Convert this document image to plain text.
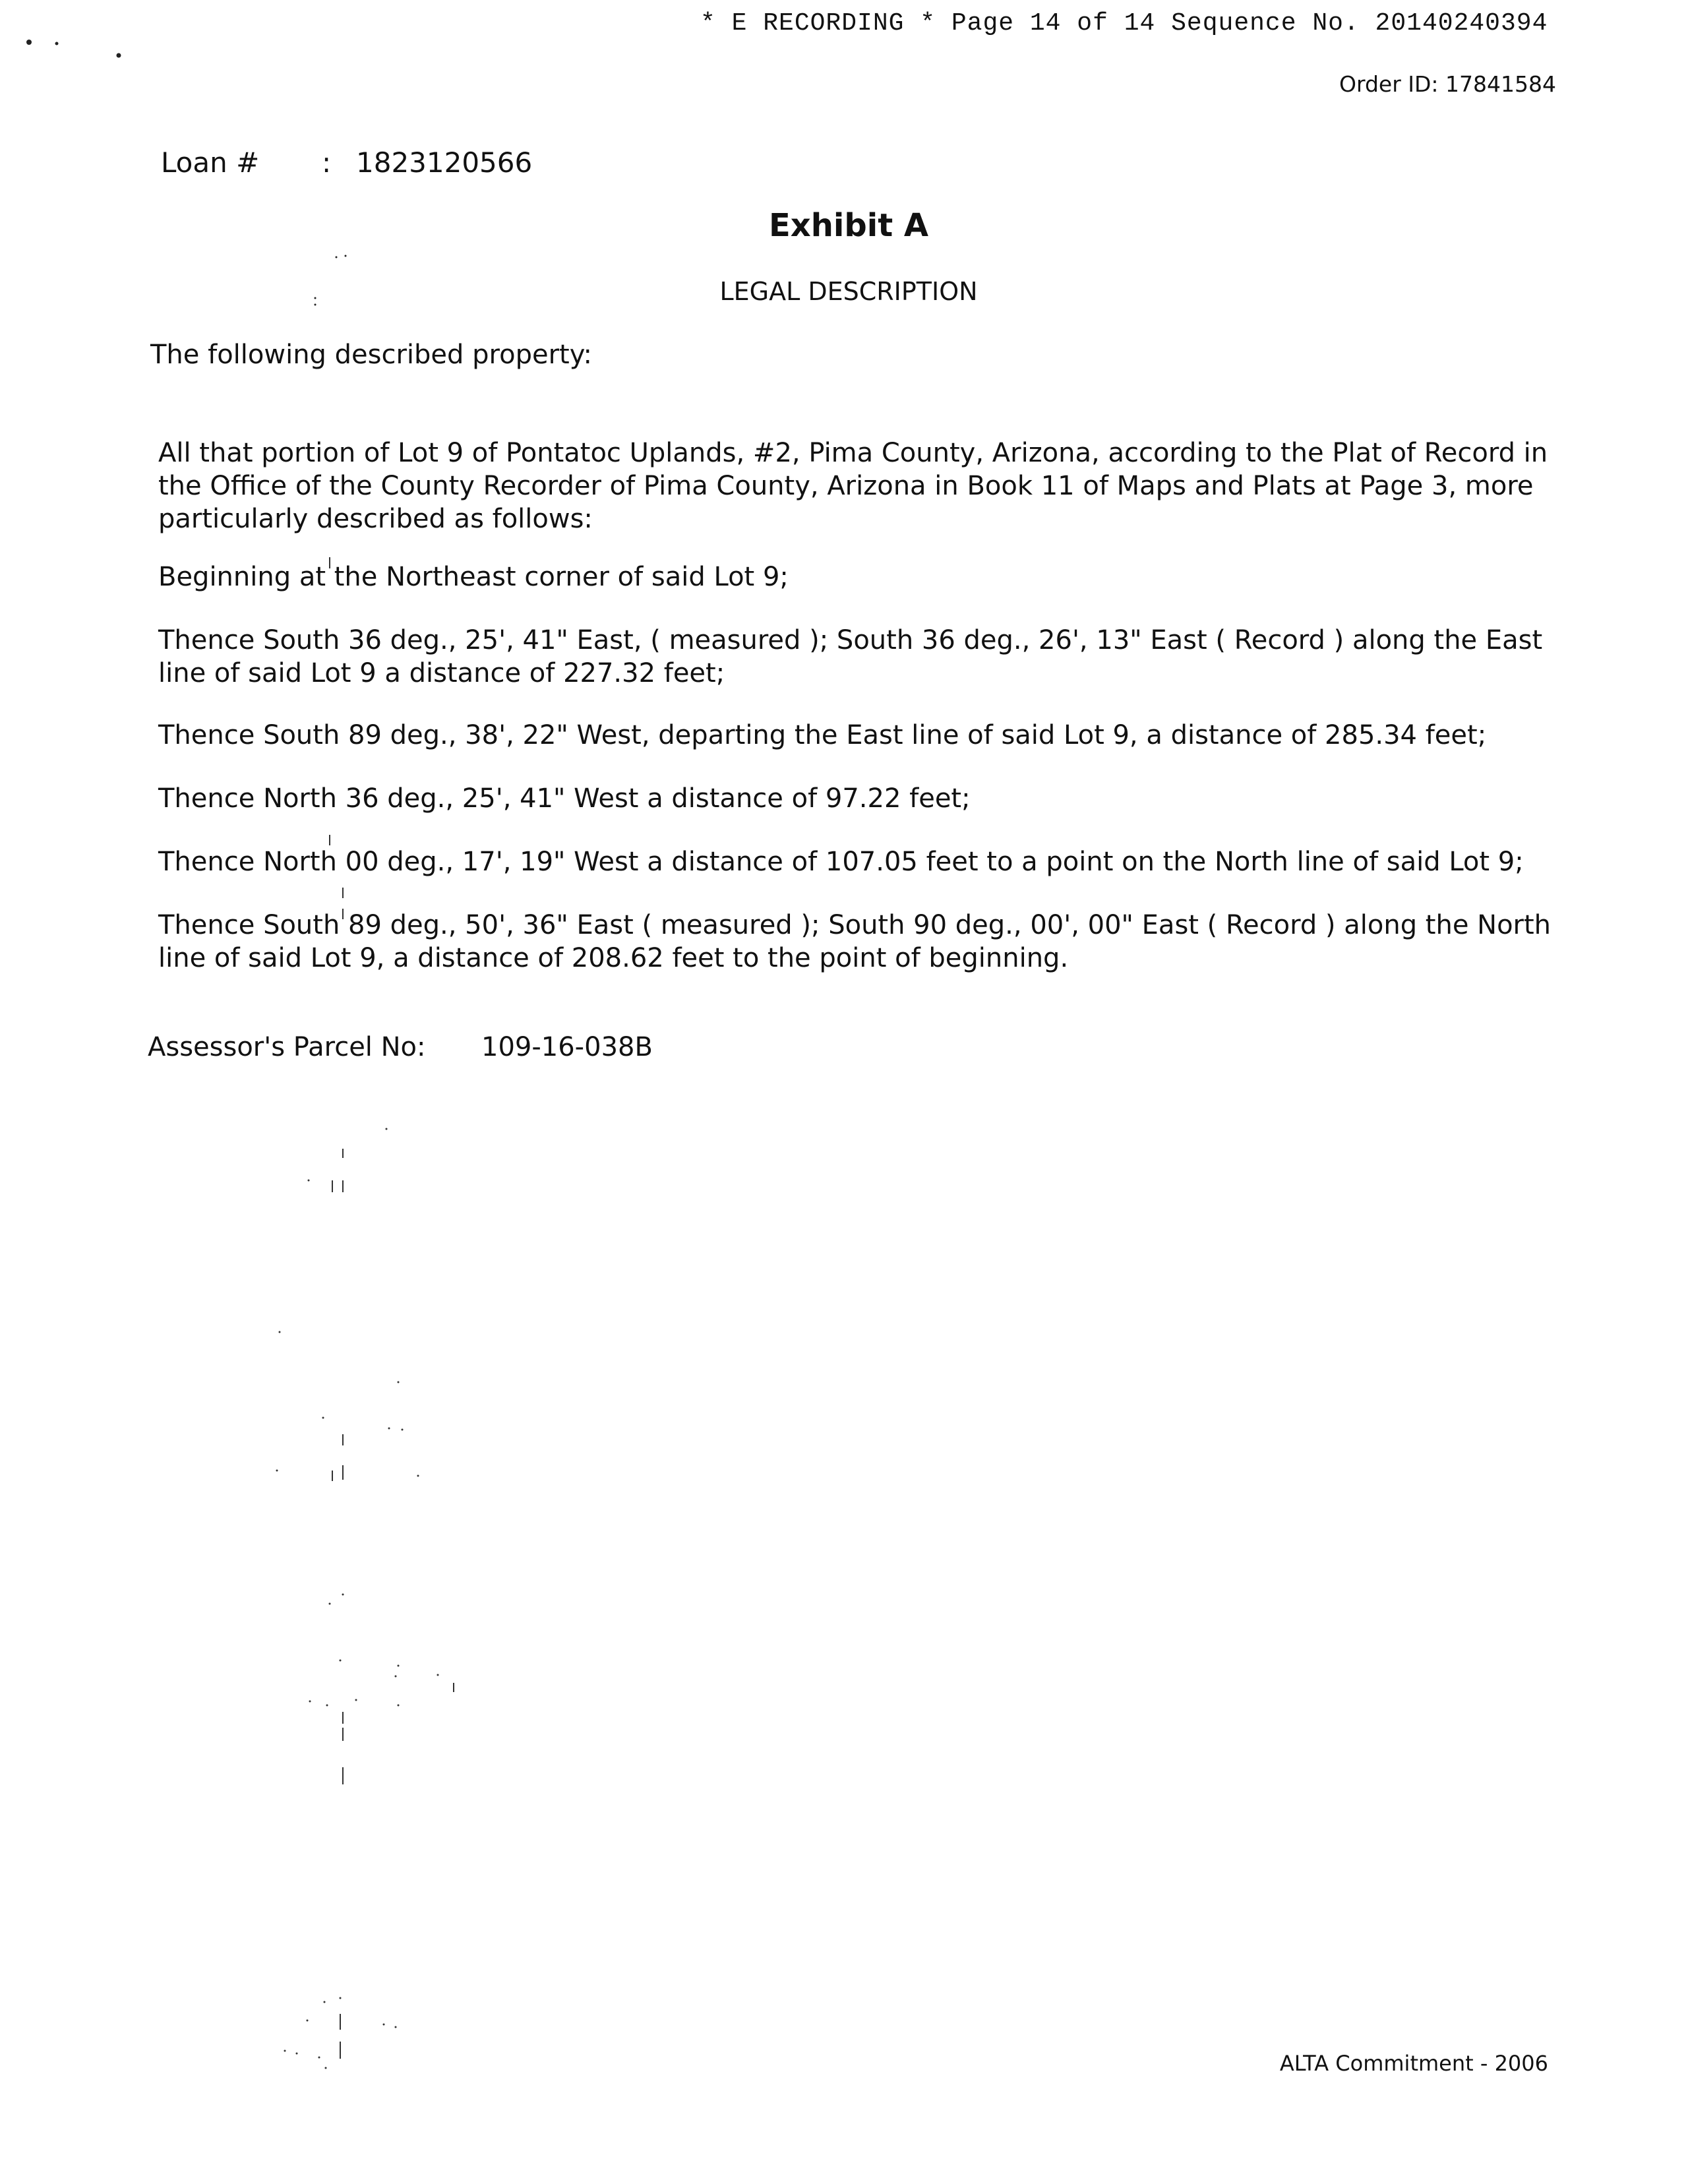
* E RECORDING * Page 14 of 14 Sequence No. 20140240394
Order ID: 17841584
Loan # : 1823120566
Exhibit A
LEGAL DESCRIPTION
The following described property:
All that portion of Lot 9 of Pontatoc Uplands, #2, Pima County, Arizona, according to the Plat of Record in the Office of the County Recorder of Pima County, Arizona in Book 11 of Maps and Plats at Page 3, more particularly described as follows:
Beginning at the Northeast corner of said Lot 9;
Thence South 36 deg., 25', 41" East, ( measured ); South 36 deg., 26', 13" East ( Record ) along the East line of said Lot 9 a distance of 227.32 feet;
Thence South 89 deg., 38', 22" West, departing the East line of said Lot 9, a distance of 285.34 feet;
Thence North 36 deg., 25', 41" West a distance of 97.22 feet;
Thence North 00 deg., 17', 19" West a distance of 107.05 feet to a point on the North line of said Lot 9;
Thence South 89 deg., 50', 36" East ( measured ); South 90 deg., 00', 00" East ( Record ) along the North line of said Lot 9, a distance of 208.62 feet to the point of beginning.
Assessor's Parcel No: 109-16-038B
ALTA Commitment - 2006
